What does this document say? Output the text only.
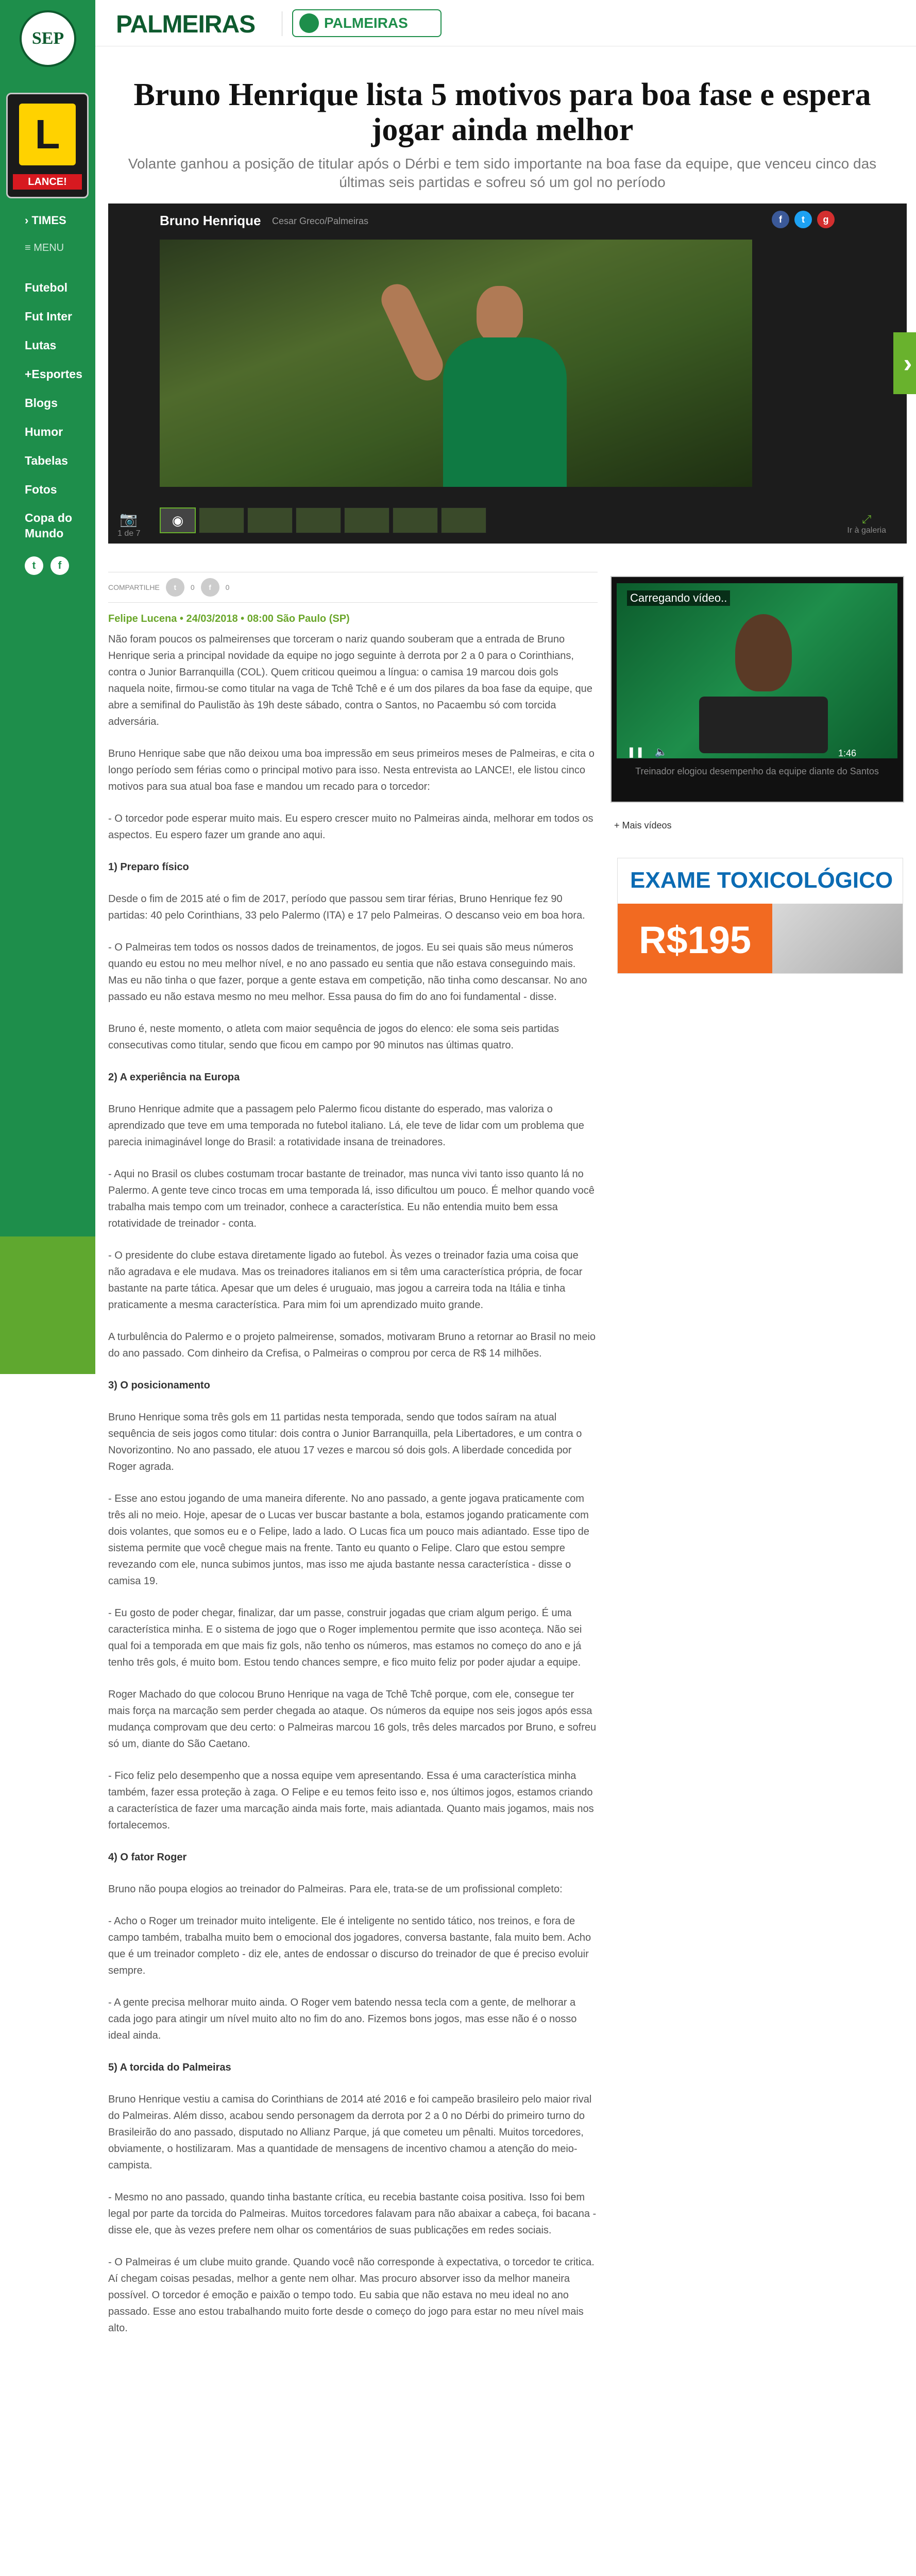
SEP
L
LANCE!
› TIMES
≡ MENU
Futebol
Fut Inter
Lutas
+Esportes
Blogs
Humor
Tabelas
Fotos
Copa do Mundo
t	f
PALMEIRAS	PALMEIRAS
Bruno Henrique lista 5 motivos para boa fase e espera jogar ainda melhor

Volante ganhou a posição de titular após o Dérbi e tem sido importante na boa fase da equipe, que venceu cinco das últimas seis partidas e sofreu só um gol no período

Bruno Henrique Cesar Greco/Palmeiras	f	t	g
›
📷
1 de 7
◉	⤢
Ir à galeria
COMPARTILHE	t	0	f	0
Felipe Lucena • 24/03/2018 • 08:00 São Paulo (SP)

Não foram poucos os palmeirenses que torceram o nariz quando souberam que a entrada de Bruno Henrique seria a principal novidade da equipe no jogo seguinte à derrota por 2 a 0 para o Corinthians, contra o Junior Barranquilla (COL). Quem criticou queimou a língua: o camisa 19 marcou dois gols naquela noite, firmou-se como titular na vaga de Tchê Tchê e é um dos pilares da boa fase da equipe, que abre a semifinal do Paulistão às 19h deste sábado, contra o Santos, no Pacaembu só com torcida adversária.

Bruno Henrique sabe que não deixou uma boa impressão em seus primeiros meses de Palmeiras, e cita o longo período sem férias como o principal motivo para isso. Nesta entrevista ao LANCE!, ele listou cinco motivos para sua atual boa fase e mandou um recado para o torcedor:

- O torcedor pode esperar muito mais. Eu espero crescer muito no Palmeiras ainda, melhorar em todos os aspectos. Eu espero fazer um grande ano aqui.

1) Preparo físico

Desde o fim de 2015 até o fim de 2017, período que passou sem tirar férias, Bruno Henrique fez 90 partidas: 40 pelo Corinthians, 33 pelo Palermo (ITA) e 17 pelo Palmeiras. O descanso veio em boa hora.

- O Palmeiras tem todos os nossos dados de treinamentos, de jogos. Eu sei quais são meus números quando eu estou no meu melhor nível, e no ano passado eu sentia que não estava conseguindo mais. Mas eu não tinha o que fazer, porque a gente estava em competição, não tinha como descansar. No ano passado eu não estava mesmo no meu melhor. Essa pausa do fim do ano foi fundamental - disse.

Bruno é, neste momento, o atleta com maior sequência de jogos do elenco: ele soma seis partidas consecutivas como titular, sendo que ficou em campo por 90 minutos nas últimas quatro.

2) A experiência na Europa

Bruno Henrique admite que a passagem pelo Palermo ficou distante do esperado, mas valoriza o aprendizado que teve em uma temporada no futebol italiano. Lá, ele teve de lidar com um problema que parecia inimaginável longe do Brasil: a rotatividade insana de treinadores.

- Aqui no Brasil os clubes costumam trocar bastante de treinador, mas nunca vivi tanto isso quanto lá no Palermo. A gente teve cinco trocas em uma temporada lá, isso dificultou um pouco. É melhor quando você trabalha mais tempo com um treinador, conhece a característica. Eu não entendia muito bem essa rotatividade de treinador - conta.

- O presidente do clube estava diretamente ligado ao futebol. Às vezes o treinador fazia uma coisa que não agradava e ele mudava. Mas os treinadores italianos em si têm uma característica própria, de focar bastante na parte tática. Apesar que um deles é uruguaio, mas jogou a carreira toda na Itália e tinha praticamente a mesma característica. Para mim foi um aprendizado muito grande.

A turbulência do Palermo e o projeto palmeirense, somados, motivaram Bruno a retornar ao Brasil no meio do ano passado. Com dinheiro da Crefisa, o Palmeiras o comprou por cerca de R$ 14 milhões.

3) O posicionamento

Bruno Henrique soma três gols em 11 partidas nesta temporada, sendo que todos saíram na atual sequência de seis jogos como titular: dois contra o Junior Barranquilla, pela Libertadores, e um contra o Novorizontino. No ano passado, ele atuou 17 vezes e marcou só dois gols. A liberdade concedida por Roger agrada.

- Esse ano estou jogando de uma maneira diferente. No ano passado, a gente jogava praticamente com três ali no meio. Hoje, apesar de o Lucas ver buscar bastante a bola, estamos jogando praticamente com dois volantes, que somos eu e o Felipe, lado a lado. O Lucas fica um pouco mais adiantado. Esse tipo de sistema permite que você chegue mais na frente. Tanto eu quanto o Felipe. Claro que estou sempre revezando com ele, nunca subimos juntos, mas isso me ajuda bastante nessa característica - disse o camisa 19.

- Eu gosto de poder chegar, finalizar, dar um passe, construir jogadas que criam algum perigo. É uma característica minha. E o sistema de jogo que o Roger implementou permite que isso aconteça. Não sei qual foi a temporada em que mais fiz gols, não tenho os números, mas estamos no começo do ano e já tenho três gols, é muito bom. Estou tendo chances sempre, e fico muito feliz por poder ajudar a equipe.

Roger Machado do que colocou Bruno Henrique na vaga de Tchê Tchê porque, com ele, consegue ter mais força na marcação sem perder chegada ao ataque. Os números da equipe nos seis jogos após essa mudança comprovam que deu certo: o Palmeiras marcou 16 gols, três deles marcados por Bruno, e sofreu só um, diante do São Caetano.

- Fico feliz pelo desempenho que a nossa equipe vem apresentando. Essa é uma característica minha também, fazer essa proteção à zaga. O Felipe e eu temos feito isso e, nos últimos jogos, estamos criando a característica de fazer uma marcação ainda mais forte, mais adiantada. Quanto mais jogamos, mais nos fortalecemos.

4) O fator Roger

Bruno não poupa elogios ao treinador do Palmeiras. Para ele, trata-se de um profissional completo:

- Acho o Roger um treinador muito inteligente. Ele é inteligente no sentido tático, nos treinos, e fora de campo também, trabalha muito bem o emocional dos jogadores, conversa bastante, fala muito bem. Acho que é um treinador completo - diz ele, antes de endossar o discurso do treinador de que é preciso evoluir sempre.

- A gente precisa melhorar muito ainda. O Roger vem batendo nessa tecla com a gente, de melhorar a cada jogo para atingir um nível muito alto no fim do ano. Fizemos bons jogos, mas esse não é o nosso ideal ainda.

5) A torcida do Palmeiras

Bruno Henrique vestiu a camisa do Corinthians de 2014 até 2016 e foi campeão brasileiro pelo maior rival do Palmeiras. Além disso, acabou sendo personagem da derrota por 2 a 0 no Dérbi do primeiro turno do Brasileirão do ano passado, disputado no Allianz Parque, já que cometeu um pênalti. Muitos torcedores, obviamente, o hostilizaram. Mas a quantidade de mensagens de incentivo chamou a atenção do meio-campista.

- Mesmo no ano passado, quando tinha bastante crítica, eu recebia bastante coisa positiva. Isso foi bem legal por parte da torcida do Palmeiras. Muitos torcedores falavam para não abaixar a cabeça, foi bacana - disse ele, que às vezes prefere nem olhar os comentários de suas publicações em redes sociais.

- O Palmeiras é um clube muito grande. Quando você não corresponde à expectativa, o torcedor te critica. Aí chegam coisas pesadas, melhor a gente nem olhar. Mas procuro absorver isso da melhor maneira possível. O torcedor é emoção e paixão o tempo todo. Eu sabia que não estava no meu ideal no ano passado. Esse ano estou trabalhando muito forte desde o começo do jogo para estar no meu nível mais alto.

Carregando vídeo..
❚❚ 🔈	1:46
Treinador elogiou desempenho da equipe diante do Santos
+ Mais vídeos
EXAME TOXICOLÓGICO
R$195
